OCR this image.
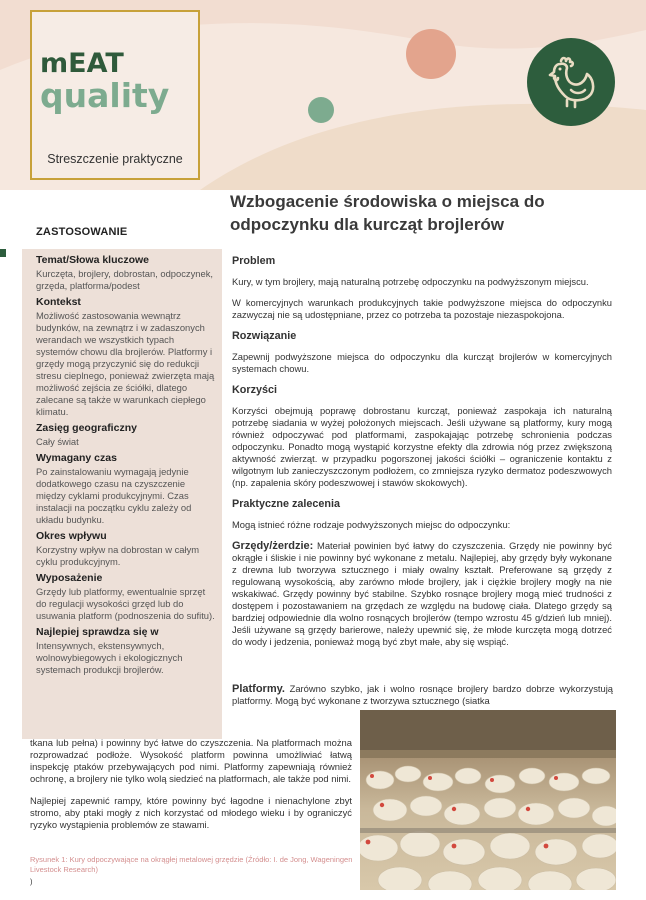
mEAT
quality
Streszczenie praktyczne
Wzbogacenie środowiska o miejsca do
odpoczynku dla kurcząt brojlerów
ZASTOSOWANIE
Temat/Słowa kluczowe
Kurczęta, brojlery, dobrostan, odpoczynek, grzęda, platforma/podest
Kontekst
Możliwość zastosowania wewnątrz budynków, na zewnątrz i w zadaszonych werandach we wszystkich typach systemów chowu dla brojlerów. Platformy i grzędy mogą przyczynić się do redukcji stresu cieplnego, ponieważ zwierzęta mają możliwość zejścia ze ściółki, dlatego zalecane są także w warunkach ciepłego klimatu.
Zasięg geograficzny
Cały świat
Wymagany czas
Po zainstalowaniu wymagają jedynie dodatkowego czasu na czyszczenie między cyklami produkcyjnymi. Czas instalacji na początku cyklu zależy od układu budynku.
Okres wpływu
Korzystny wpływ na dobrostan w całym cyklu produkcyjnym.
Wyposażenie
Grzędy lub platformy, ewentualnie sprzęt do regulacji wysokości grzęd lub do usuwania platform (podnoszenia do sufitu).
Najlepiej sprawdza się w
Intensywnych, ekstensywnych, wolnowybiegowych i ekologicznych systemach produkcji brojlerów.
Problem

Kury, w tym brojlery, mają naturalną potrzebę odpoczynku na podwyższonym miejscu.

W komercyjnych warunkach produkcyjnych takie podwyższone miejsca do odpoczynku zazwyczaj nie są udostępniane, przez co potrzeba ta pozostaje niezaspokojona.

Rozwiązanie

Zapewnij podwyższone miejsca do odpoczynku dla kurcząt brojlerów w komercyjnych systemach chowu.

Korzyści

Korzyści obejmują poprawę dobrostanu kurcząt, ponieważ zaspokaja ich naturalną potrzebę siadania w wyżej położonych miejscach. Jeśli używane są platformy, kury mogą również odpoczywać pod platformami, zaspokajając potrzebę schronienia podczas odpoczynku. Ponadto mogą wystąpić korzystne efekty dla zdrowia nóg przez zwiększoną aktywność zwierząt. w przypadku pogorszonej jakości ściółki – ograniczenie kontaktu z wilgotnym lub zanieczyszczonym podłożem, co zmniejsza ryzyko dermatoz podeszwowych (np. zapalenia skóry podeszwowej i stawów skokowych).

Praktyczne zalecenia

Mogą istnieć różne rodzaje podwyższonych miejsc do odpoczynku:

Grzędy/żerdzie: Materiał powinien być łatwy do czyszczenia. Grzędy nie powinny być okrągłe i śliskie i nie powinny być wykonane z metalu. Najlepiej, aby grzędy były wykonane z drewna lub tworzywa sztucznego i miały owalny kształt. Preferowane są grzędy z regulowaną wysokością, aby zarówno młode brojlery, jak i ciężkie brojlery mogły na nie wskakiwać. Grzędy powinny być stabilne. Szybko rosnące brojlery mogą mieć trudności z dostępem i pozostawaniem na grzędach ze względu na budowę ciała. Dlatego grzędy są bardziej odpowiednie dla wolno rosnących brojlerów (tempo wzrostu 45 g/dzień lub mniej). Jeśli używane są grzędy barierowe, należy upewnić się, że młode kurczęta mogą dotrzeć do wody i jedzenia, ponieważ mogą być zbyt małe, aby się wspiąć.

Platformy. Zarówno szybko, jak i wolno rosnące brojlery bardzo dobrze wykorzystują platformy. Mogą być wykonane z tworzywa sztucznego (siatka

tkana lub pełna) i powinny być łatwe do czyszczenia. Na platformach można rozprowadzać podłoże. Wysokość platform powinna umożliwiać łatwą inspekcję ptaków przebywających pod nimi. Platformy zapewniają również ochronę, a brojlery nie tylko wolą siedzieć na platformach, ale także pod nimi.

Najlepiej zapewnić rampy, które powinny być łagodne i nienachylone zbyt stromo, aby ptaki mogły z nich korzystać od młodego wieku i by ograniczyć ryzyko wystąpienia problemów ze stawami.

Rysunek 1: Kury odpoczywające na okrągłej metalowej grzędzie (Źródło: I. de Jong, Wageningen Livestock Research)
)
